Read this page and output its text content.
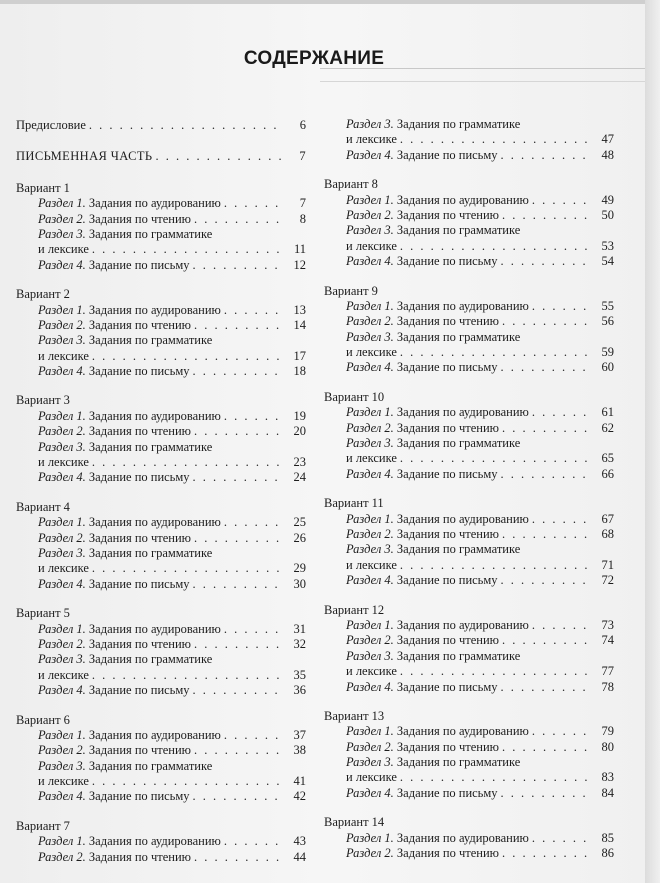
СОДЕРЖАНИЕ
Предисловие . . .	6
ПИСЬМЕННАЯ ЧАСТЬ . . .	7
Вариант 1
Раздел 1. Задания по аудированию . . .	7
Раздел 2. Задания по чтению . . .	8
Раздел 3. Задания по грамматике
и лексике . . .	11
Раздел 4. Задание по письму . . .	12
Вариант 2
Раздел 1. Задания по аудированию . . .	13
Раздел 2. Задания по чтению . . .	14
Раздел 3. Задания по грамматике
и лексике . . .	17
Раздел 4. Задание по письму . . .	18
Вариант 3
Раздел 1. Задания по аудированию . . .	19
Раздел 2. Задания по чтению . . .	20
Раздел 3. Задания по грамматике
и лексике . . .	23
Раздел 4. Задание по письму . . .	24
Вариант 4
Раздел 1. Задания по аудированию . . .	25
Раздел 2. Задания по чтению . . .	26
Раздел 3. Задания по грамматике
и лексике . . .	29
Раздел 4. Задание по письму . . .	30
Вариант 5
Раздел 1. Задания по аудированию . . .	31
Раздел 2. Задания по чтению . . .	32
Раздел 3. Задания по грамматике
и лексике . . .	35
Раздел 4. Задание по письму . . .	36
Вариант 6
Раздел 1. Задания по аудированию . . .	37
Раздел 2. Задания по чтению . . .	38
Раздел 3. Задания по грамматике
и лексике . . .	41
Раздел 4. Задание по письму . . .	42
Вариант 7
Раздел 1. Задания по аудированию . . .	43
Раздел 2. Задания по чтению . . .	44
Раздел 3. Задания по грамматике
и лексике . . .	47
Раздел 4. Задание по письму . . .	48
Вариант 8
Раздел 1. Задания по аудированию . . .	49
Раздел 2. Задания по чтению . . .	50
Раздел 3. Задания по грамматике
и лексике . . .	53
Раздел 4. Задание по письму . . .	54
Вариант 9
Раздел 1. Задания по аудированию . . .	55
Раздел 2. Задания по чтению . . .	56
Раздел 3. Задания по грамматике
и лексике . . .	59
Раздел 4. Задание по письму . . .	60
Вариант 10
Раздел 1. Задания по аудированию . . .	61
Раздел 2. Задания по чтению . . .	62
Раздел 3. Задания по грамматике
и лексике . . .	65
Раздел 4. Задание по письму . . .	66
Вариант 11
Раздел 1. Задания по аудированию . . .	67
Раздел 2. Задания по чтению . . .	68
Раздел 3. Задания по грамматике
и лексике . . .	71
Раздел 4. Задание по письму . . .	72
Вариант 12
Раздел 1. Задания по аудированию . . .	73
Раздел 2. Задания по чтению . . .	74
Раздел 3. Задания по грамматике
и лексике . . .	77
Раздел 4. Задание по письму . . .	78
Вариант 13
Раздел 1. Задания по аудированию . . .	79
Раздел 2. Задания по чтению . . .	80
Раздел 3. Задания по грамматике
и лексике . . .	83
Раздел 4. Задание по письму . . .	84
Вариант 14
Раздел 1. Задания по аудированию . . .	85
Раздел 2. Задания по чтению . . .	86
